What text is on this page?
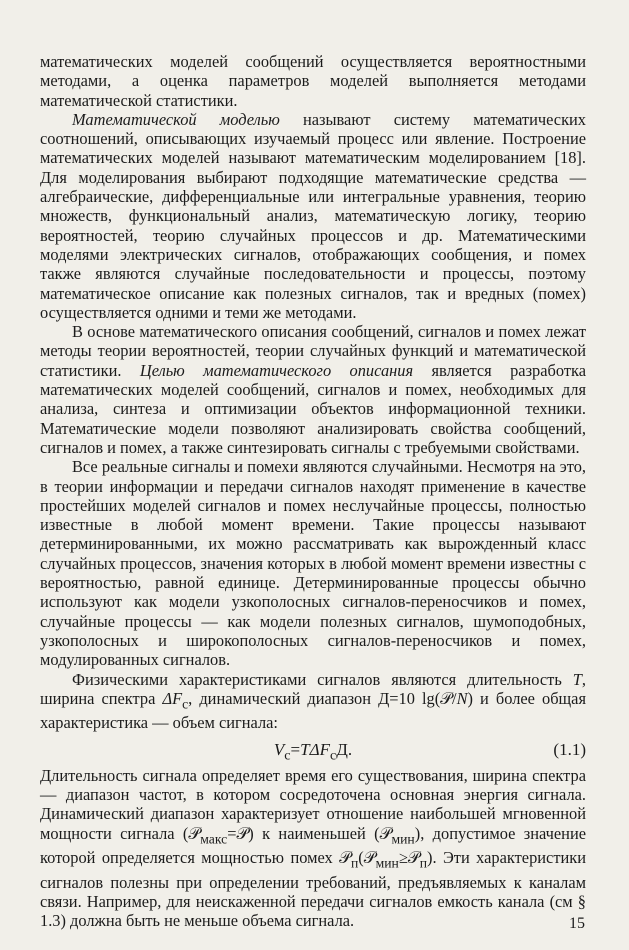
математических моделей сообщений осуществляется вероятностными методами, а оценка параметров моделей выполняется методами математической статистики.

Математической моделью называют систему математических соотношений, описывающих изучаемый процесс или явление. Построение математических моделей называют математическим моделированием [18]. Для моделирования выбирают подходящие математические средства — алгебраические, дифференциальные или интегральные уравнения, теорию множеств, функциональный анализ, математическую логику, теорию вероятностей, теорию случайных процессов и др. Математическими моделями электрических сигналов, отображающих сообщения, и помех также являются случайные последовательности и процессы, поэтому математическое описание как полезных сигналов, так и вредных (помех) осуществляется одними и теми же методами.

В основе математического описания сообщений, сигналов и помех лежат методы теории вероятностей, теории случайных функций и математической статистики. Целью математического описания является разработка математических моделей сообщений, сигналов и помех, необходимых для анализа, синтеза и оптимизации объектов информационной техники. Математические модели позволяют анализировать свойства сообщений, сигналов и помех, а также синтезировать сигналы с требуемыми свойствами.

Все реальные сигналы и помехи являются случайными. Несмотря на это, в теории информации и передачи сигналов находят применение в качестве простейших моделей сигналов и помех неслучайные процессы, полностью известные в любой момент времени. Такие процессы называют детерминированными, их можно рассматривать как вырожденный класс случайных процессов, значения которых в любой момент времени известны с вероятностью, равной единице. Детерминированные процессы обычно используют как модели узкополосных сигналов-переносчиков и помех, случайные процессы — как модели полезных сигналов, шумоподобных, узкополосных и широкополосных сигналов-переносчиков и помех, модулированных сигналов.

Физическими характеристиками сигналов являются длительность T, ширина спектра $\Delta F_c$, динамический диапазон Д=10 lg(𝒫/N) и более общая характеристика — объем сигнала:

$V_c=T\Delta F_cД$.	(1.1)

Длительность сигнала определяет время его существования, ширина спектра — диапазон частот, в котором сосредоточена основная энергия сигнала. Динамический диапазон характеризует отношение наибольшей мгновенной мощности сигнала (𝒫$_{макс}$=𝒫) к наименьшей (𝒫$_{мин}$), допустимое значение которой определяется мощностью помех 𝒫$_п$(𝒫$_{мин}$≥𝒫$_п$). Эти характеристики сигналов полезны при определении требований, предъявляемых к каналам связи. Например, для неискаженной передачи сигналов емкость канала (см § 1.3) должна быть не меньше объема сигнала.	15
